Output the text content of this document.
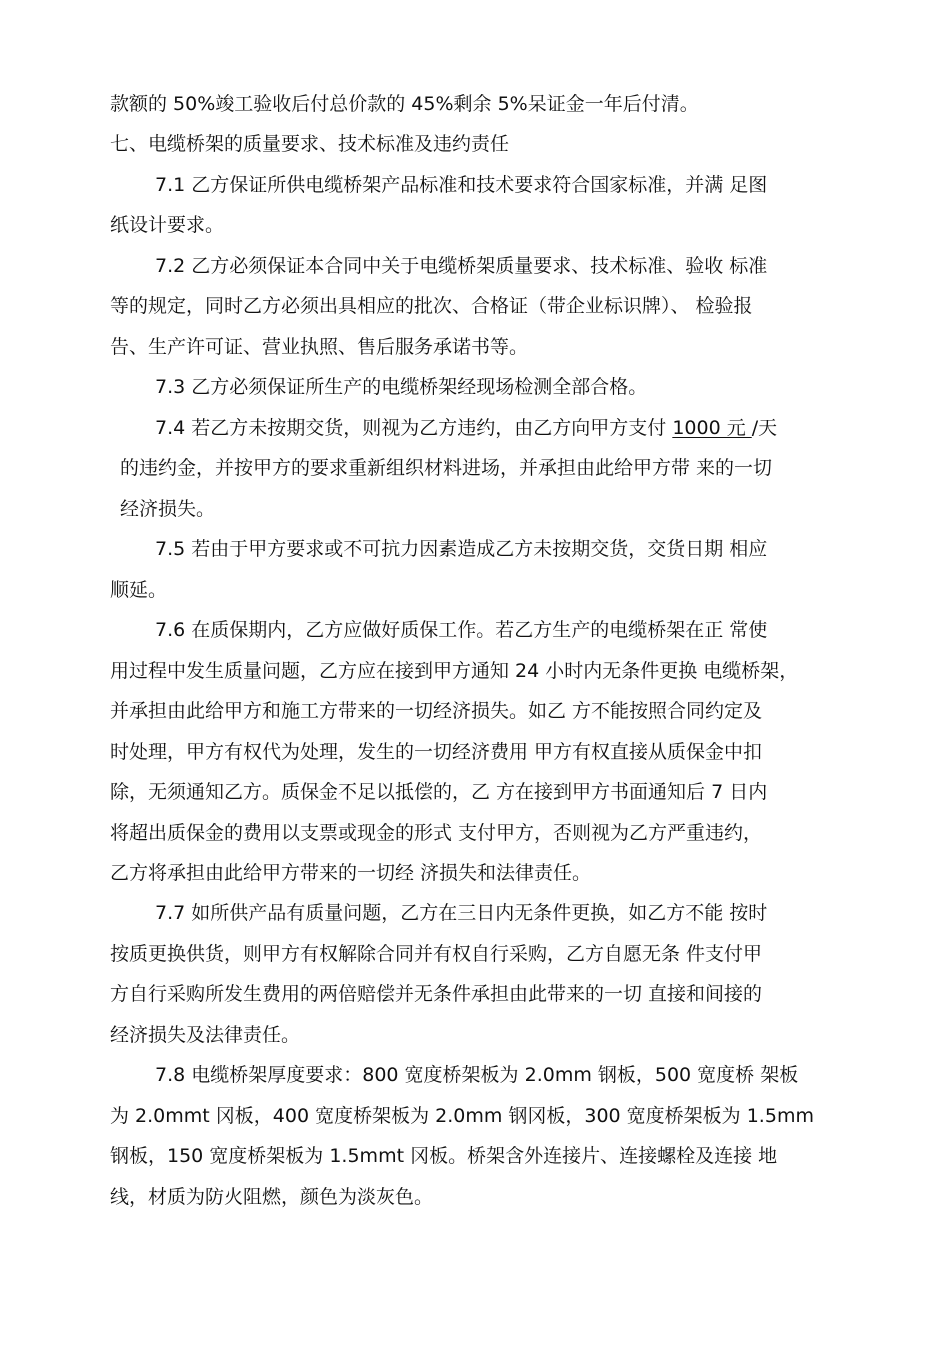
款额的 50%竣工验收后付总价款的 45%剩余 5%呆证金一年后付清。
七、电缆桥架的质量要求、技术标准及违约责任
7.1 乙方保证所供电缆桥架产品标准和技术要求符合国家标准，并满 足图
纸设计要求。
7.2 乙方必须保证本合同中关于电缆桥架质量要求、技术标准、验收 标准
等的规定，同时乙方必须出具相应的批次、合格证（带企业标识牌）、 检验报
告、生产许可证、营业执照、售后服务承诺书等。
7.3 乙方必须保证所生产的电缆桥架经现场检测全部合格。
7.4 若乙方未按期交货，则视为乙方违约，由乙方向甲方支付 1000 元 /天
的违约金，并按甲方的要求重新组织材料进场，并承担由此给甲方带 来的一切
经济损失。
7.5 若由于甲方要求或不可抗力因素造成乙方未按期交货，交货日期 相应
顺延。
7.6 在质保期内，乙方应做好质保工作。若乙方生产的电缆桥架在正 常使
用过程中发生质量问题，乙方应在接到甲方通知 24 小时内无条件更换 电缆桥架，
并承担由此给甲方和施工方带来的一切经济损失。如乙 方不能按照合同约定及
时处理，甲方有权代为处理，发生的一切经济费用 甲方有权直接从质保金中扣
除，无须通知乙方。质保金不足以抵偿的，乙 方在接到甲方书面通知后 7 日内
将超出质保金的费用以支票或现金的形式 支付甲方，否则视为乙方严重违约，
乙方将承担由此给甲方带来的一切经 济损失和法律责任。
7.7 如所供产品有质量问题，乙方在三日内无条件更换，如乙方不能 按时
按质更换供货，则甲方有权解除合同并有权自行采购，乙方自愿无条 件支付甲
方自行采购所发生费用的两倍赔偿并无条件承担由此带来的一切 直接和间接的
经济损失及法律责任。
7.8 电缆桥架厚度要求：800 宽度桥架板为 2.0mm 钢板，500 宽度桥 架板
为 2.0mmt 冈板，400 宽度桥架板为 2.0mm 钢冈板，300 宽度桥架板为 1.5mm
钢板，150 宽度桥架板为 1.5mmt 冈板。桥架含外连接片、连接螺栓及连接 地
线，材质为防火阻燃，颜色为淡灰色。
